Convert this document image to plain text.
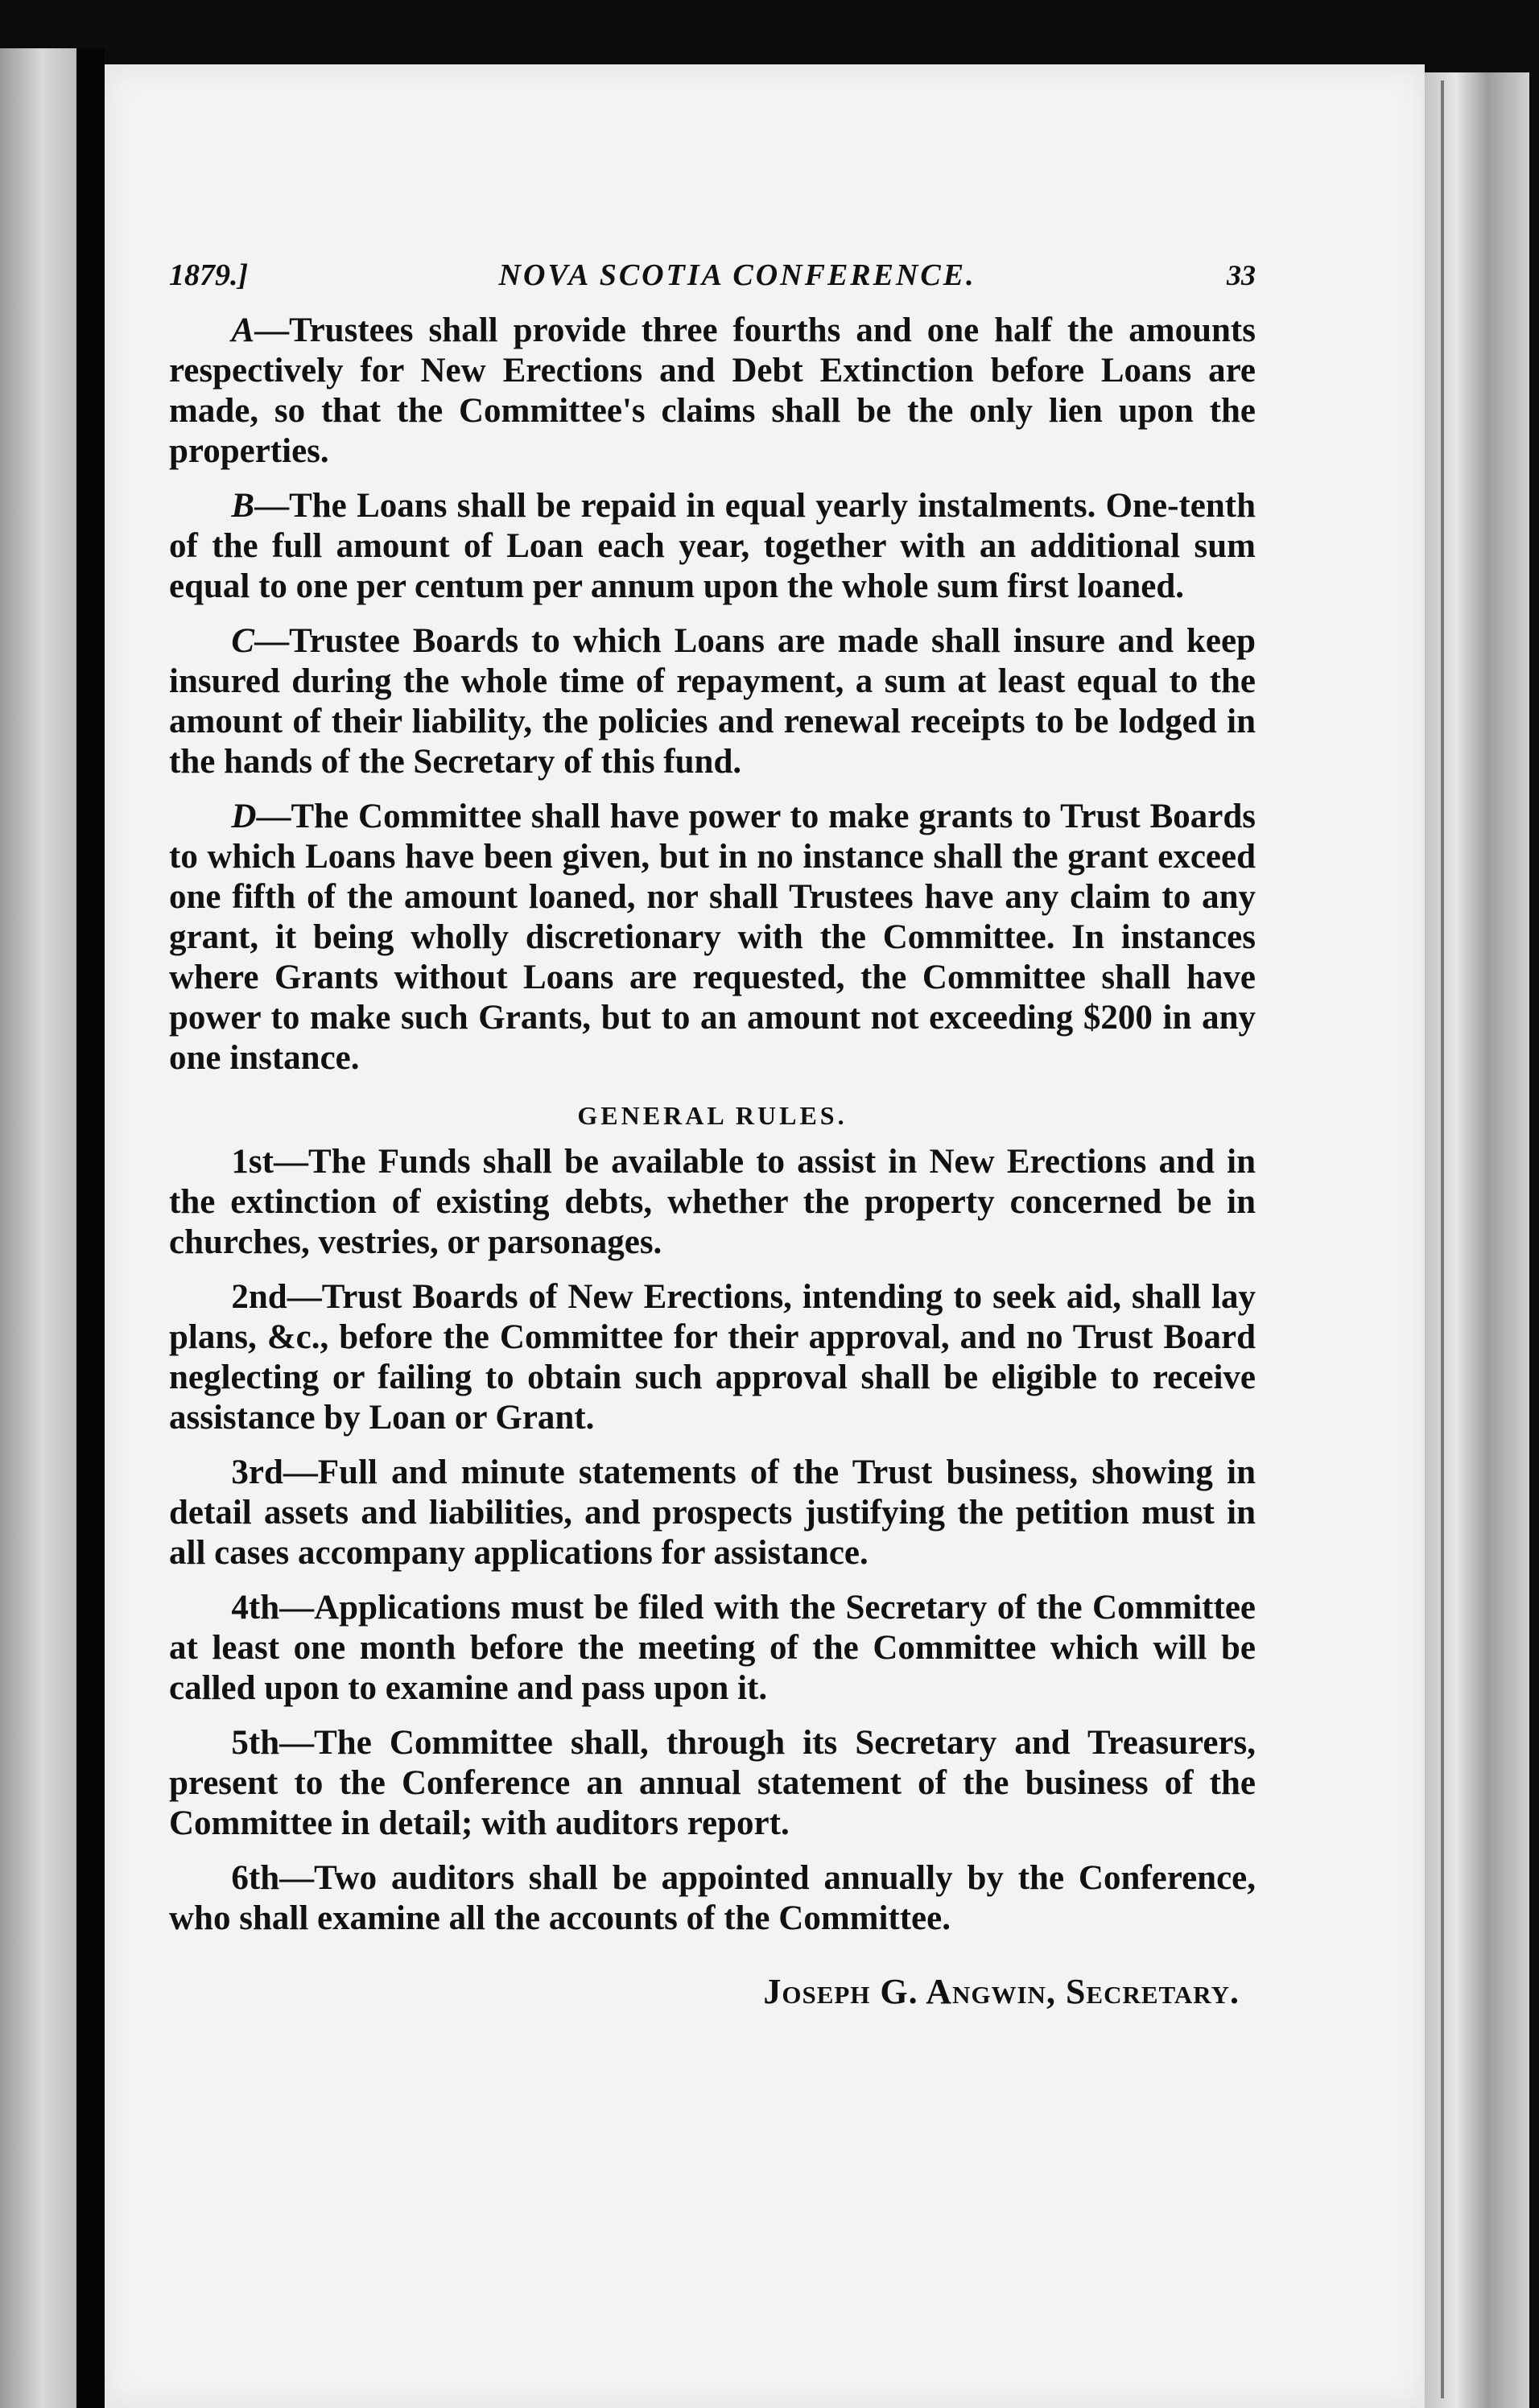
1879.]	NOVA SCOTIA CONFERENCE.	33

A—Trustees shall provide three fourths and one half the amounts respectively for New Erections and Debt Extinction before Loans are made, so that the Committee's claims shall be the only lien upon the properties.

B—The Loans shall be repaid in equal yearly instalments. One-tenth of the full amount of Loan each year, together with an additional sum equal to one per centum per annum upon the whole sum first loaned.

C—Trustee Boards to which Loans are made shall insure and keep insured during the whole time of repayment, a sum at least equal to the amount of their liability, the policies and renewal receipts to be lodged in the hands of the Secretary of this fund.

D—The Committee shall have power to make grants to Trust Boards to which Loans have been given, but in no instance shall the grant exceed one fifth of the amount loaned, nor shall Trustees have any claim to any grant, it being wholly discretionary with the Committee. In instances where Grants without Loans are requested, the Committee shall have power to make such Grants, but to an amount not exceeding $200 in any one instance.

GENERAL RULES.

1st—The Funds shall be available to assist in New Erections and in the extinction of existing debts, whether the property concerned be in churches, vestries, or parsonages.

2nd—Trust Boards of New Erections, intending to seek aid, shall lay plans, &c., before the Committee for their approval, and no Trust Board neglecting or failing to obtain such approval shall be eligible to receive assistance by Loan or Grant.

3rd—Full and minute statements of the Trust business, showing in detail assets and liabilities, and prospects justifying the petition must in all cases accompany applications for assistance.

4th—Applications must be filed with the Secretary of the Committee at least one month before the meeting of the Committee which will be called upon to examine and pass upon it.

5th—The Committee shall, through its Secretary and Treasurers, present to the Conference an annual statement of the business of the Committee in detail; with auditors report.

6th—Two auditors shall be appointed annually by the Conference, who shall examine all the accounts of the Committee.

Joseph G. Angwin, Secretary.
